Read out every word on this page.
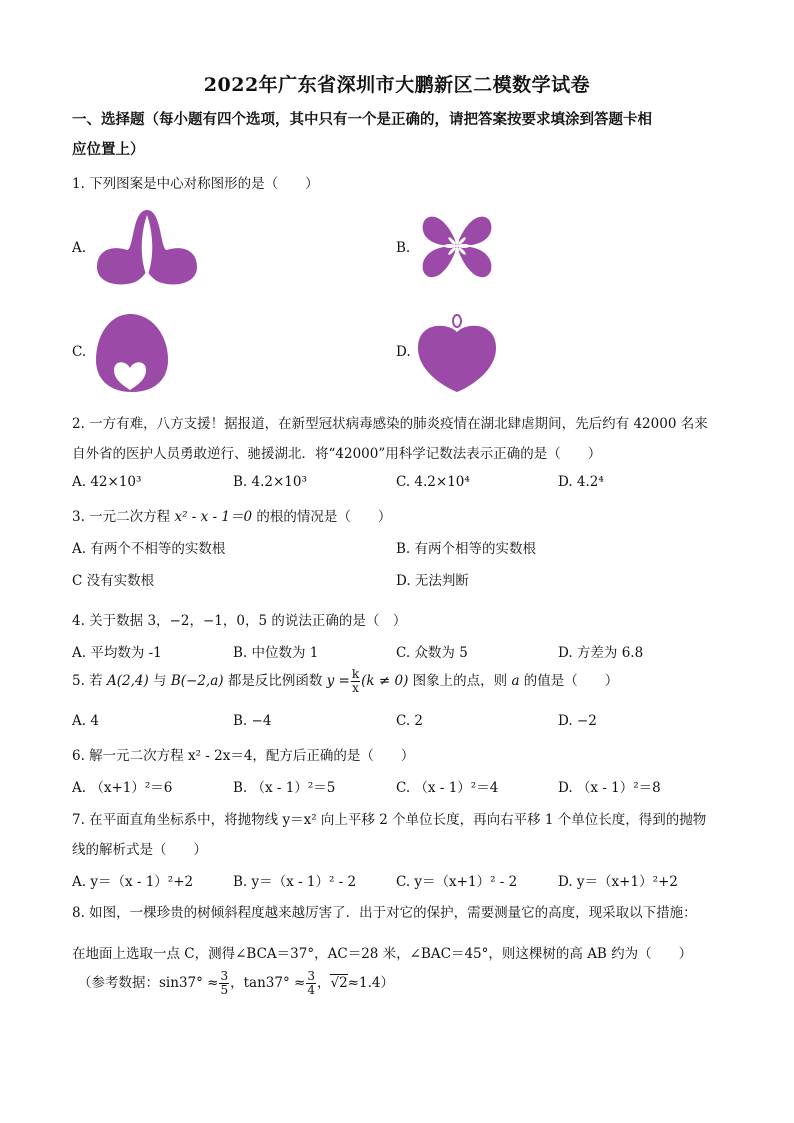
2022年广东省深圳市大鹏新区二模数学试卷
一、选择题（每小题有四个选项，其中只有一个是正确的，请把答案按要求填涂到答题卡相
应位置上）
1. 下列图案是中心对称图形的是（　　）
A.	B.
C.	D.
2. 一方有难，八方支援！据报道，在新型冠状病毒感染的肺炎疫情在湖北肆虐期间，先后约有 42000 名来
自外省的医护人员勇敢逆行、驰援湖北．将“42000”用科学记数法表示正确的是（　　）
A. 42×10³	B. 4.2×10³	C. 4.2×10⁴	D. 4.2⁴
3. 一元二次方程 x² - x - 1＝0 的根的情况是（　　）
A. 有两个不相等的实数根	B. 有两个相等的实数根
C 没有实数根	D. 无法判断
4. 关于数据 3，−2，−1，0，5 的说法正确的是（　）
A. 平均数为 -1	B. 中位数为 1	C. 众数为 5	D. 方差为 6.8
5. 若 A(2,4) 与 B(−2,a) 都是反比例函数 $y = \frac{k}{x} (k \ne 0)$ 图象上的点，则 a 的值是（　　）
A. 4	B. −4	C. 2	D. −2
6. 解一元二次方程 x² - 2x＝4，配方后正确的是（　　）
A. （x+1）²＝6	B. （x - 1）²＝5	C. （x - 1）²＝4	D. （x - 1）²＝8
7. 在平面直角坐标系中，将抛物线 y＝x² 向上平移 2 个单位长度，再向右平移 1 个单位长度，得到的抛物
线的解析式是（　　）
A. y＝（x - 1）²+2	B. y＝（x - 1）² - 2	C. y＝（x+1）² - 2	D. y＝（x+1）²+2
8. 如图，一棵珍贵的树倾斜程度越来越厉害了．出于对它的保护，需要测量它的高度，现采取以下措施：
在地面上选取一点 C，测得∠BCA＝37°，AC＝28 米，∠BAC＝45°，则这棵树的高 AB 约为（　　）
（参考数据：$\sin 37^\circ \approx \frac{3}{5}$ ，$\tan 37^\circ \approx \frac{3}{4}$ ，√2≈1.4）
